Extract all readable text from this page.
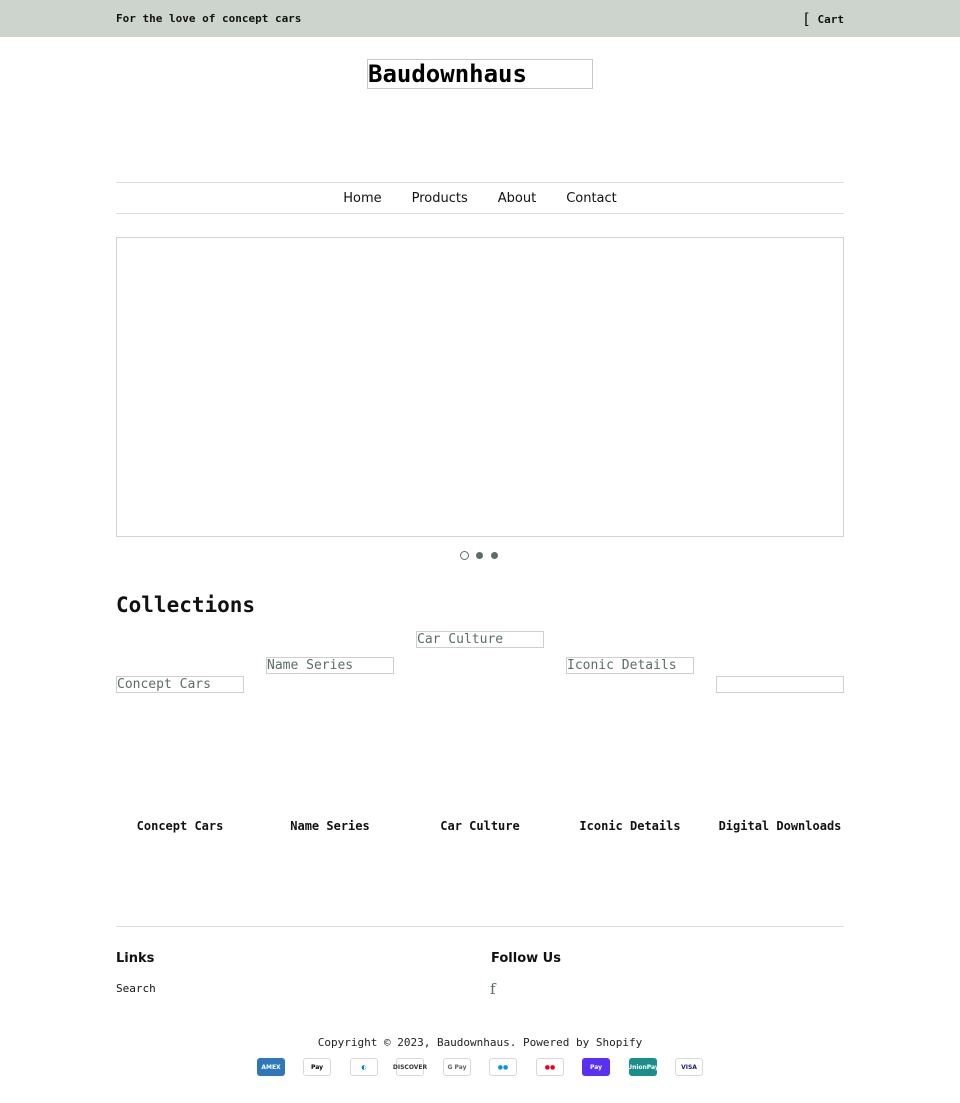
For the love of concept cars	[ Cart
Baudownhaus
Home Products About Contact
Collections
Concept Cars
Name Series
Car Culture
Iconic Details
Concept Cars	Name Series	Car Culture	Iconic Details	Digital Downloads
Links
Search
Follow Us
f

Copyright © 2023, Baudownhaus. Powered by Shopify

AMEX	Pay	◐	DISCOVER	G Pay	●●	●●	Pay	UnionPay	VISA
